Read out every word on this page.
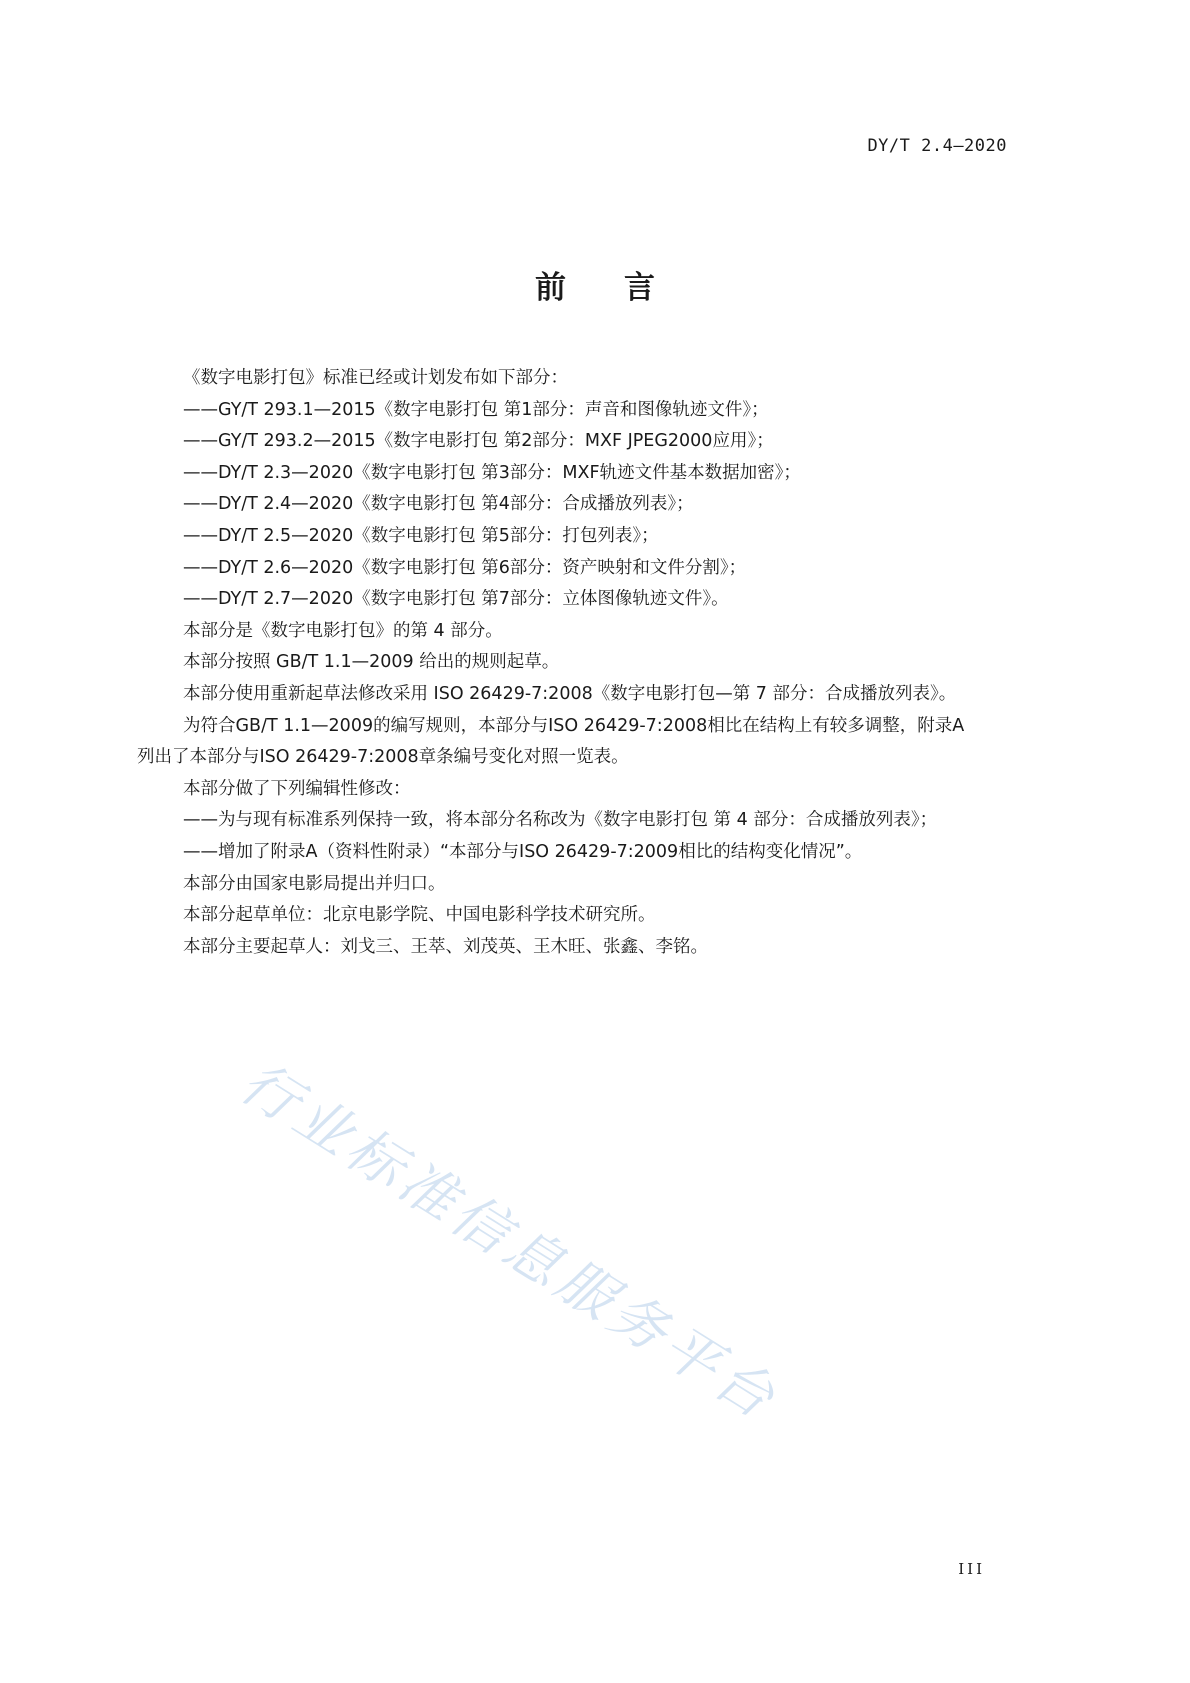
DY/T 2.4—2020
前言
《数字电影打包》标准已经或计划发布如下部分：
——GY/T 293.1—2015《数字电影打包 第1部分：声音和图像轨迹文件》；
——GY/T 293.2—2015《数字电影打包 第2部分：MXF JPEG2000应用》；
——DY/T 2.3—2020《数字电影打包 第3部分：MXF轨迹文件基本数据加密》；
——DY/T 2.4—2020《数字电影打包 第4部分：合成播放列表》；
——DY/T 2.5—2020《数字电影打包 第5部分：打包列表》；
——DY/T 2.6—2020《数字电影打包 第6部分：资产映射和文件分割》；
——DY/T 2.7—2020《数字电影打包 第7部分：立体图像轨迹文件》。
本部分是《数字电影打包》的第 4 部分。
本部分按照 GB/T 1.1—2009 给出的规则起草。
本部分使用重新起草法修改采用 ISO 26429-7:2008《数字电影打包—第 7 部分：合成播放列表》。
为符合GB/T 1.1—2009的编写规则，本部分与ISO 26429-7:2008相比在结构上有较多调整，附录A
列出了本部分与ISO 26429-7:2008章条编号变化对照一览表。
本部分做了下列编辑性修改：
——为与现有标准系列保持一致，将本部分名称改为《数字电影打包 第 4 部分：合成播放列表》；
——增加了附录A（资料性附录）“本部分与ISO 26429-7:2009相比的结构变化情况”。
本部分由国家电影局提出并归口。
本部分起草单位：北京电影学院、中国电影科学技术研究所。
本部分主要起草人：刘戈三、王萃、刘茂英、王木旺、张鑫、李铭。
行业标准信息服务平台
III
